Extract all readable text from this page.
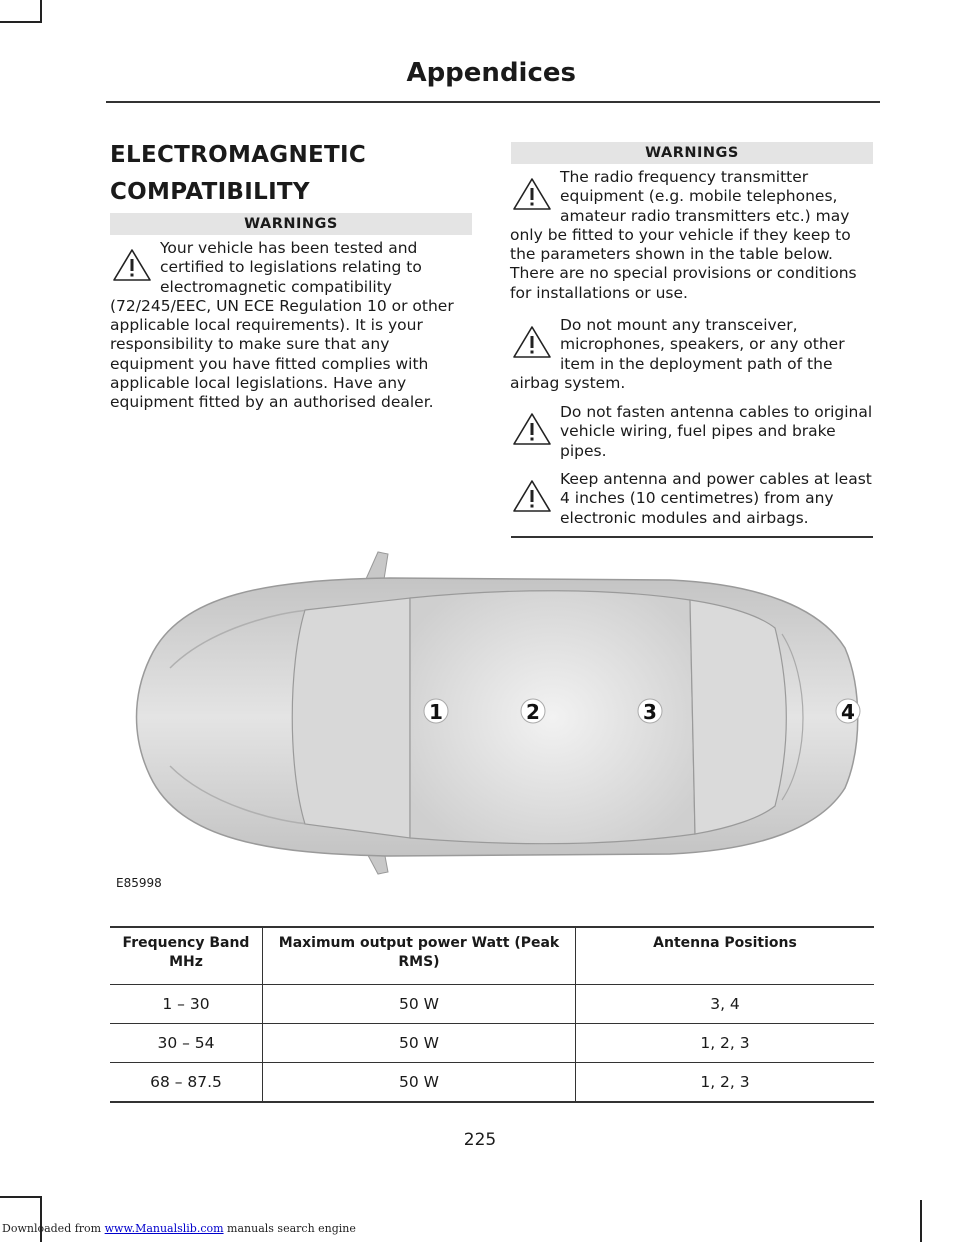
Appendices
ELECTROMAGNETIC
COMPATIBILITY
WARNINGS

Your vehicle has been tested and certified to legislations relating to electromagnetic compatibility (72/245/EEC, UN ECE Regulation 10 or other applicable local requirements). It is your responsibility to make sure that any equipment you have fitted complies with applicable local legislations. Have any equipment fitted by an authorised dealer.

WARNINGS

The radio frequency transmitter equipment (e.g. mobile telephones, amateur radio transmitters etc.) may only be fitted to your vehicle if they keep to the parameters shown in the table below. There are no special provisions or conditions for installations or use.

Do not mount any transceiver, microphones, speakers, or any other item in the deployment path of the airbag system.

Do not fasten antenna cables to original vehicle wiring, fuel pipes and brake pipes.

Keep antenna and power cables at least 4 inches (10 centimetres) from any electronic modules and airbags.

1	2	3	4
E85998
Frequency Band MHz	Maximum output power Watt (Peak RMS)	Antenna Positions
1 – 30	50 W	3, 4
30 – 54	50 W	1, 2, 3
68 – 87.5	50 W	1, 2, 3
225
Downloaded from www.Manualslib.com manuals search engine
